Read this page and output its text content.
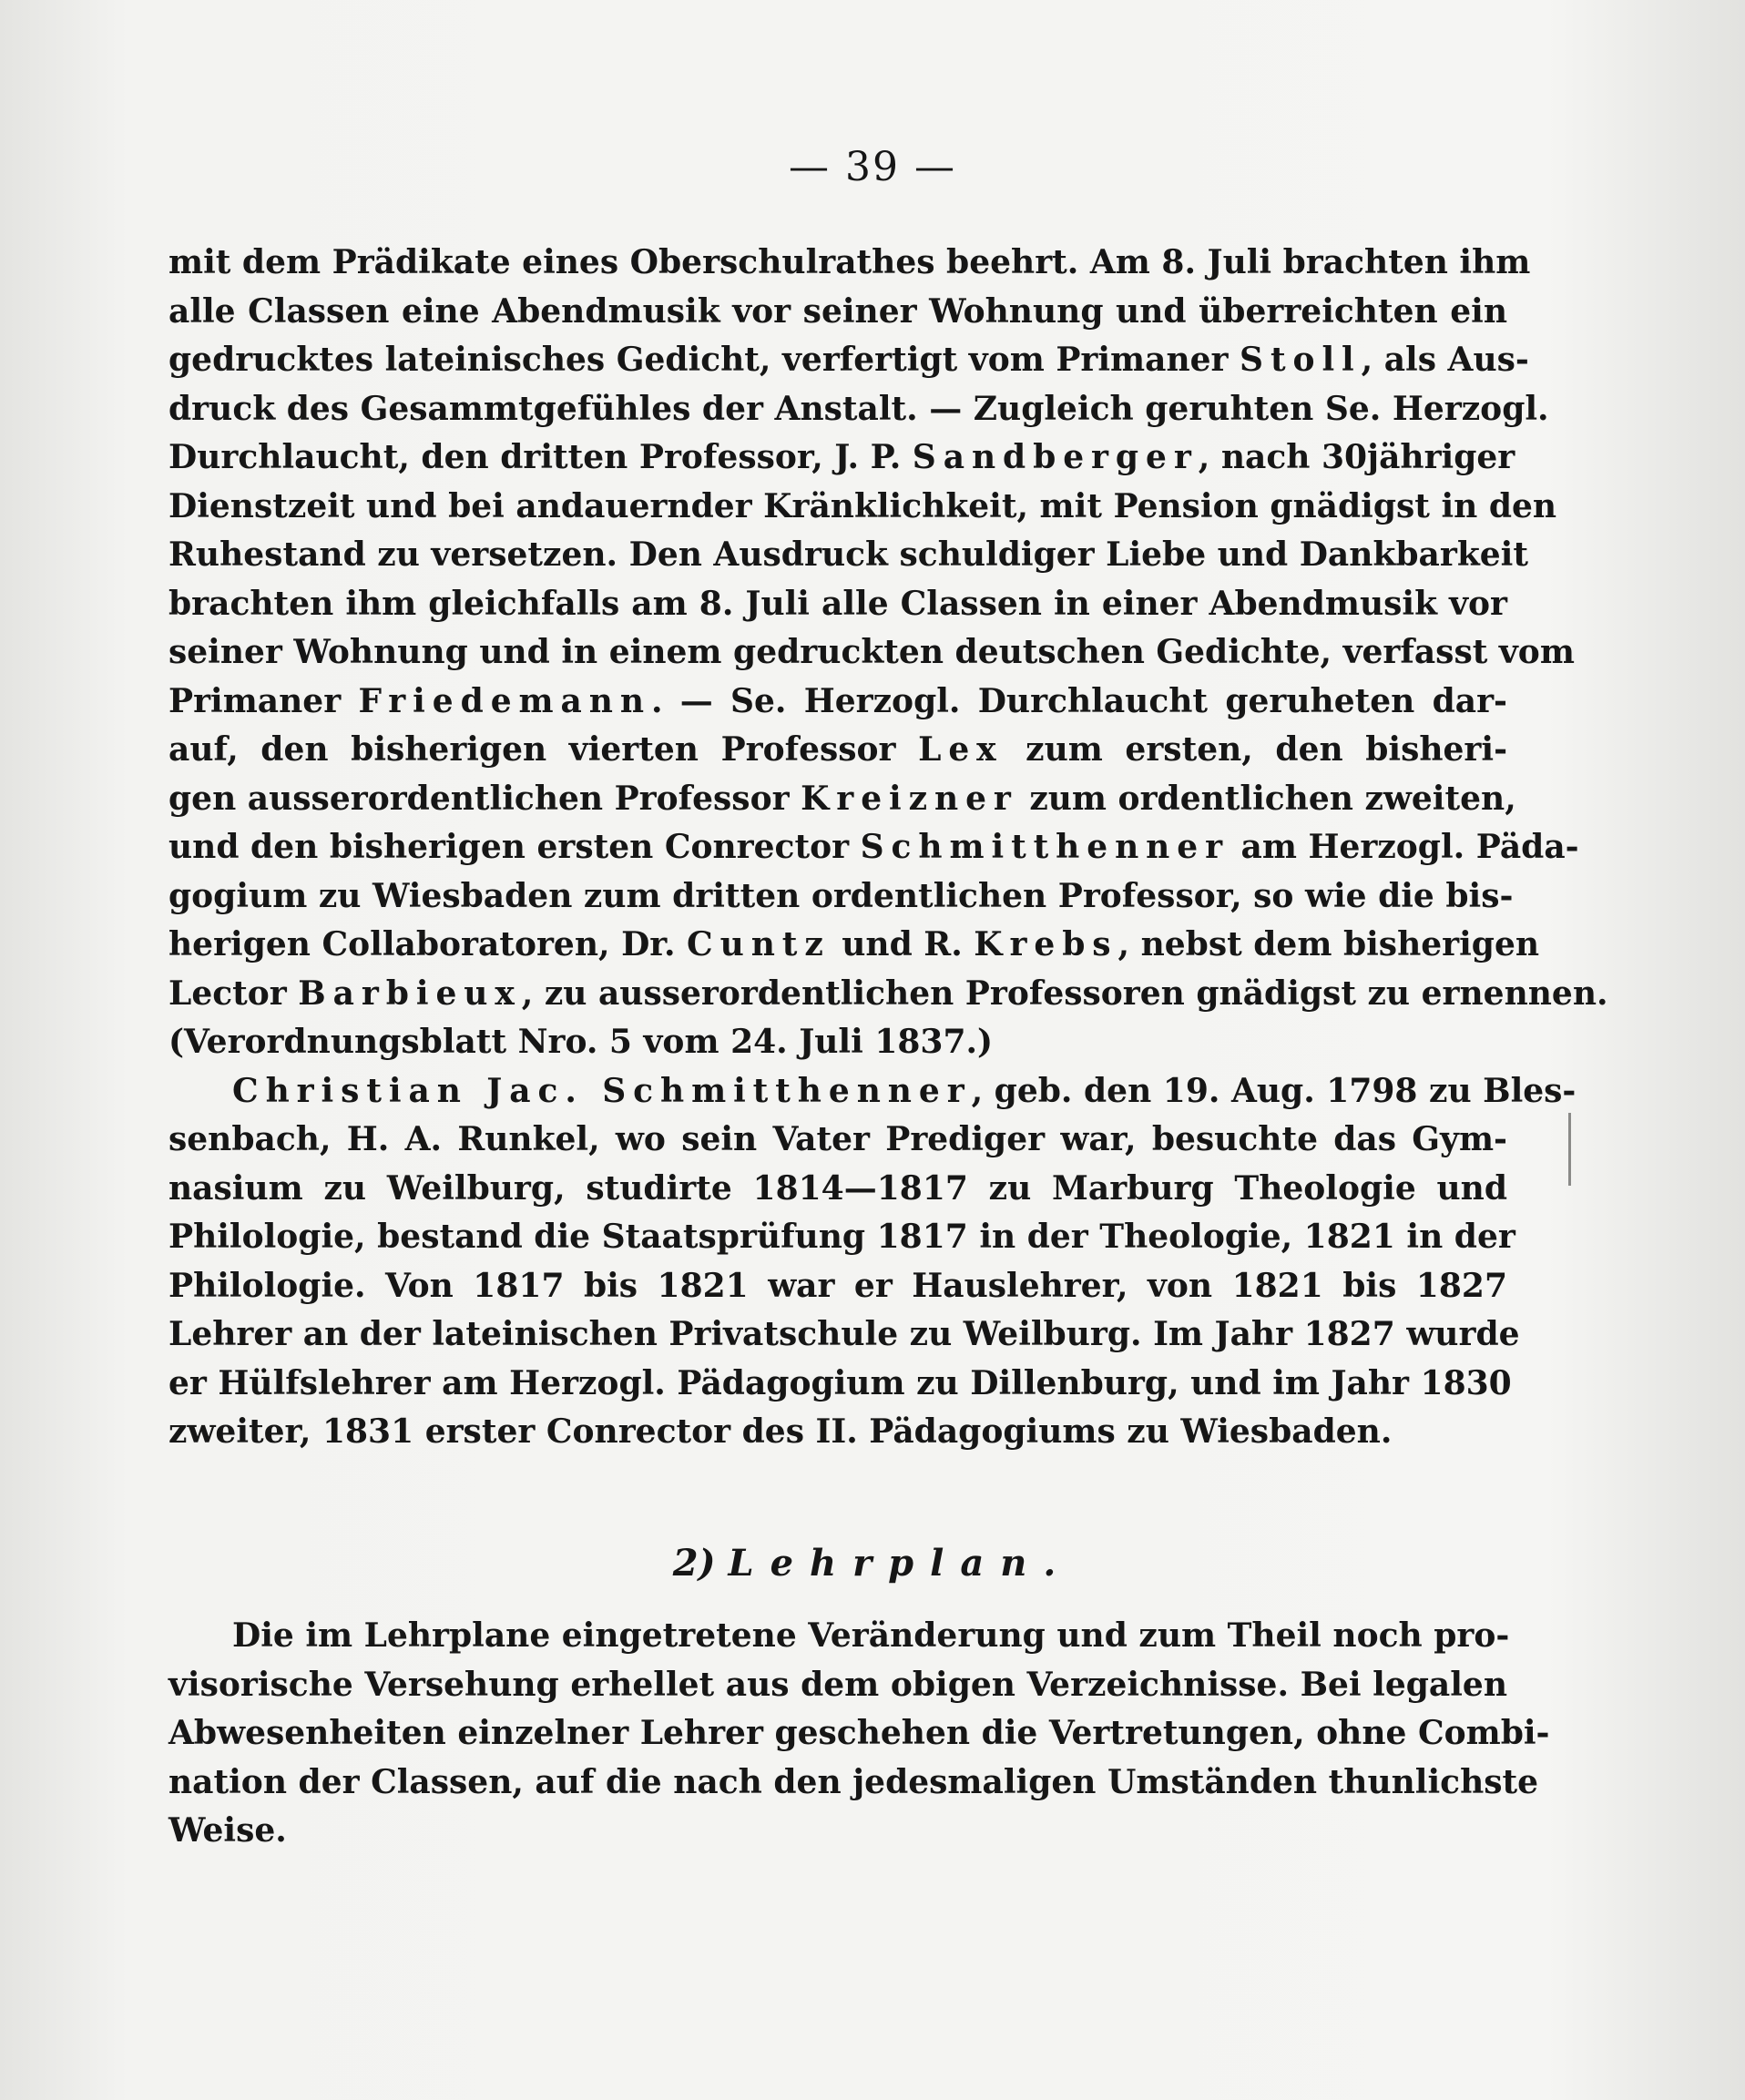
— 39 —
mit dem Prädikate eines Oberschulrathes beehrt. Am 8. Juli brachten ihm
alle Classen eine Abendmusik vor seiner Wohnung und überreichten ein
gedrucktes lateinisches Gedicht, verfertigt vom Primaner Stoll, als Aus-
druck des Gesammtgefühles der Anstalt. — Zugleich geruhten Se. Herzogl.
Durchlaucht, den dritten Professor, J. P. Sandberger, nach 30jähriger
Dienstzeit und bei andauernder Kränklichkeit, mit Pension gnädigst in den
Ruhestand zu versetzen. Den Ausdruck schuldiger Liebe und Dankbarkeit
brachten ihm gleichfalls am 8. Juli alle Classen in einer Abendmusik vor
seiner Wohnung und in einem gedruckten deutschen Gedichte, verfasst vom
Primaner Friedemann. — Se. Herzogl. Durchlaucht geruheten dar-
auf, den bisherigen vierten Professor Lex zum ersten, den bisheri-
gen ausserordentlichen Professor Kreizner zum ordentlichen zweiten,
und den bisherigen ersten Conrector Schmitthenner am Herzogl. Päda-
gogium zu Wiesbaden zum dritten ordentlichen Professor, so wie die bis-
herigen Collaboratoren, Dr. Cuntz und R. Krebs, nebst dem bisherigen
Lector Barbieux, zu ausserordentlichen Professoren gnädigst zu ernennen.
(Verordnungsblatt Nro. 5 vom 24. Juli 1837.)
Christian Jac. Schmitthenner, geb. den 19. Aug. 1798 zu Bles-
senbach, H. A. Runkel, wo sein Vater Prediger war, besuchte das Gym-
nasium zu Weilburg, studirte 1814—1817 zu Marburg Theologie und
Philologie, bestand die Staatsprüfung 1817 in der Theologie, 1821 in der
Philologie. Von 1817 bis 1821 war er Hauslehrer, von 1821 bis 1827
Lehrer an der lateinischen Privatschule zu Weilburg. Im Jahr 1827 wurde
er Hülfslehrer am Herzogl. Pädagogium zu Dillenburg, und im Jahr 1830
zweiter, 1831 erster Conrector des II. Pädagogiums zu Wiesbaden.
2) Lehrplan.
Die im Lehrplane eingetretene Veränderung und zum Theil noch pro-
visorische Versehung erhellet aus dem obigen Verzeichnisse. Bei legalen
Abwesenheiten einzelner Lehrer geschehen die Vertretungen, ohne Combi-
nation der Classen, auf die nach den jedesmaligen Umständen thunlichste
Weise.
